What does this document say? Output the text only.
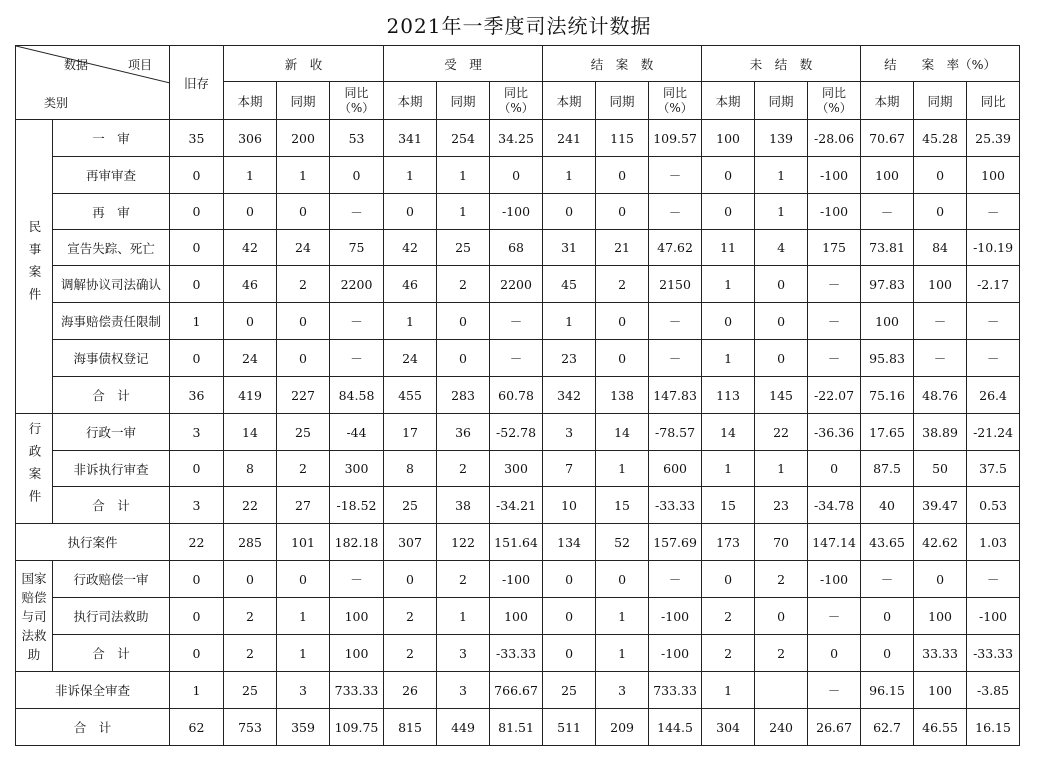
2021年一季度司法统计数据
数据 项目
类别		旧存	新　收			受　理			结　案　数			未　结　数			结　　案　率（%）		
			本期	同期	同比（%）	本期	同期	同比（%）	本期	同期	同比（%）	本期	同期	同比（%）	本期	同期	同比
民事案件	一　审	35	306	200	53	341	254	34.25	241	115	109.57	100	139	-28.06	70.67	45.28	25.39
	再审审查	0	1	1	0	1	1	0	1	0	－	0	1	-100	100	0	100
	再　审	0	0	0	－	0	1	-100	0	0	－	0	1	-100	－	0	－
	宣告失踪、死亡	0	42	24	75	42	25	68	31	21	47.62	11	4	175	73.81	84	-10.19
	调解协议司法确认	0	46	2	2200	46	2	2200	45	2	2150	1	0	－	97.83	100	-2.17
	海事赔偿责任限制	1	0	0	－	1	0	－	1	0	－	0	0	－	100	－	－
	海事债权登记	0	24	0	－	24	0	－	23	0	－	1	0	－	95.83	－	－
	合　计	36	419	227	84.58	455	283	60.78	342	138	147.83	113	145	-22.07	75.16	48.76	26.4
行政案件	行政一审	3	14	25	-44	17	36	-52.78	3	14	-78.57	14	22	-36.36	17.65	38.89	-21.24
	非诉执行审查	0	8	2	300	8	2	300	7	1	600	1	1	0	87.5	50	37.5
	合　计	3	22	27	-18.52	25	38	-34.21	10	15	-33.33	15	23	-34.78	40	39.47	0.53
执行案件		22	285	101	182.18	307	122	151.64	134	52	157.69	173	70	147.14	43.65	42.62	1.03
国家赔偿与司法救助	行政赔偿一审	0	0	0	－	0	2	-100	0	0	－	0	2	-100	－	0	－
	执行司法救助	0	2	1	100	2	1	100	0	1	-100	2	0	－	0	100	-100
	合　计	0	2	1	100	2	3	-33.33	0	1	-100	2	2	0	0	33.33	-33.33
非诉保全审查		1	25	3	733.33	26	3	766.67	25	3	733.33	1		－	96.15	100	-3.85
合　计		62	753	359	109.75	815	449	81.51	511	209	144.5	304	240	26.67	62.7	46.55	16.15
